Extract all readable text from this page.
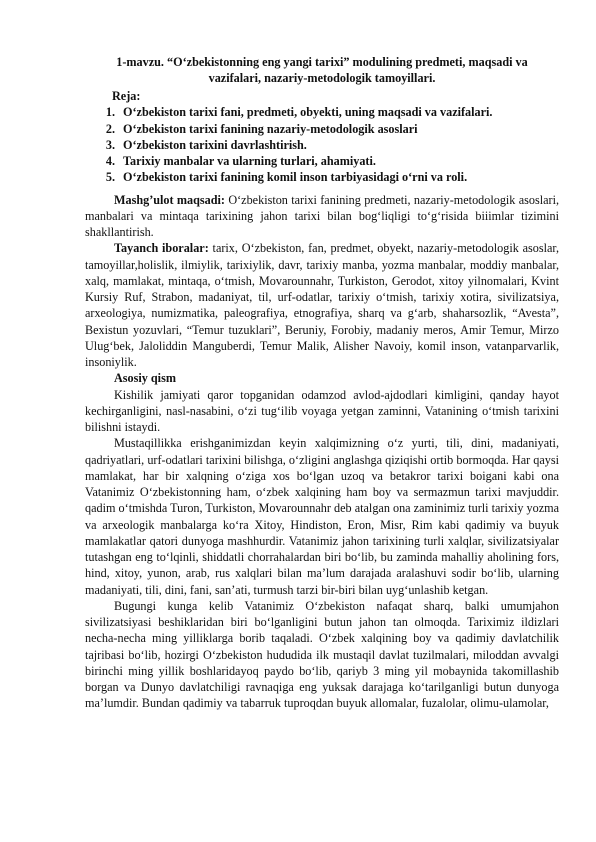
1-mavzu. “O‘zbekistonning eng yangi tarixi” modulining predmeti, maqsadi va vazifalari, nazariy-metodologik tamoyillari.

Reja:
1. O‘zbekiston tarixi fani, predmeti, obyekti, uning maqsadi va vazifalari.
2. O‘zbekiston tarixi fanining nazariy-metodologik asoslari
3. O‘zbekiston tarixini davrlashtirish.
4. Tarixiy manbalar va ularning turlari, ahamiyati.
5. O‘zbekiston tarixi fanining komil inson tarbiyasidagi o‘rni va roli.

Mashg’ulot maqsadi: O‘zbekiston tarixi fanining predmeti, nazariy-metodologik asoslari, manbalari va mintaqa tarixining jahon tarixi bilan bog‘liqligi to‘g‘risida biiimlar tizimini shakllantirish.

Tayanch iboralar: tarix, O‘zbekiston, fan, predmet, obyekt, nazariy-metodologik asoslar, tamoyillar,holislik, ilmiylik, tarixiylik, davr, tarixiy manba, yozma manbalar, moddiy manbalar, xalq, mamlakat, mintaqa, o‘tmish, Movarounnahr, Turkiston, Gerodot, xitoy yilnomalari, Kvint Kursiy Ruf, Strabon, madaniyat, til, urf-odatlar, tarixiy o‘tmish, tarixiy xotira, sivilizatsiya, arxeologiya, numizmatika, paleografiya, etnografiya, sharq va g‘arb, shaharsozlik, “Avesta”, Bexistun yozuvlari, “Temur tuzuklari”, Beruniy, Forobiy, madaniy meros, Amir Temur, Mirzo Ulug‘bek, Jaloliddin Manguberdi, Temur Malik, Alisher Navoiy, komil inson, vatanparvarlik, insoniylik.

Asosiy qism

Kishilik jamiyati qaror topganidan odamzod avlod-ajdodlari kimligini, qanday hayot kechirganligini, nasl-nasabini, o‘zi tug‘ilib voyaga yetgan zaminni, Vatanining o‘tmish tarixini bilishni istaydi.

Mustaqillikka erishganimizdan keyin xalqimizning o‘z yurti, tili, dini, madaniyati, qadriyatlari, urf-odatlari tarixini bilishga, o‘zligini anglashga qiziqishi ortib bormoqda. Har qaysi mamlakat, har bir xalqning o‘ziga xos bo‘lgan uzoq va betakror tarixi boigani kabi ona Vatanimiz O‘zbekistonning ham, o‘zbek xalqining ham boy va sermazmun tarixi mavjuddir. qadim o‘tmishda Turon, Turkiston, Movarounnahr deb atalgan ona zaminimiz turli tarixiy yozma va arxeologik manbalarga ko‘ra Xitoy, Hindiston, Eron, Misr, Rim kabi qadimiy va buyuk mamlakatlar qatori dunyoga mashhurdir. Vatanimiz jahon tarixining turli xalqlar, sivilizatsiyalar tutashgan eng to‘lqinli, shiddatli chorrahalardan biri bo‘lib, bu zaminda mahalliy aholining fors, hind, xitoy, yunon, arab, rus xalqlari bilan ma’lum darajada aralashuvi sodir bo‘lib, ularning madaniyati, tili, dini, fani, san’ati, turmush tarzi bir-biri bilan uyg‘unlashib ketgan.

Bugungi kunga kelib Vatanimiz O‘zbekiston nafaqat sharq, balki umumjahon sivilizatsiyasi beshiklaridan biri bo‘lganligini butun jahon tan olmoqda. Tariximiz ildizlari necha-necha ming yilliklarga borib taqaladi. O‘zbek xalqining boy va qadimiy davlatchilik tajribasi bo‘lib, hozirgi O‘zbekiston hududida ilk mustaqil davlat tuzilmalari, miloddan avvalgi birinchi ming yillik boshlaridayoq paydo bo‘lib, qariyb 3 ming yil mobaynida takomillashib borgan va Dunyo davlatchiligi ravnaqiga eng yuksak darajaga ko‘tarilganligi butun dunyoga ma’lumdir. Bundan qadimiy va tabarruk tuproqdan buyuk allomalar, fuzalolar, olimu-ulamolar,
